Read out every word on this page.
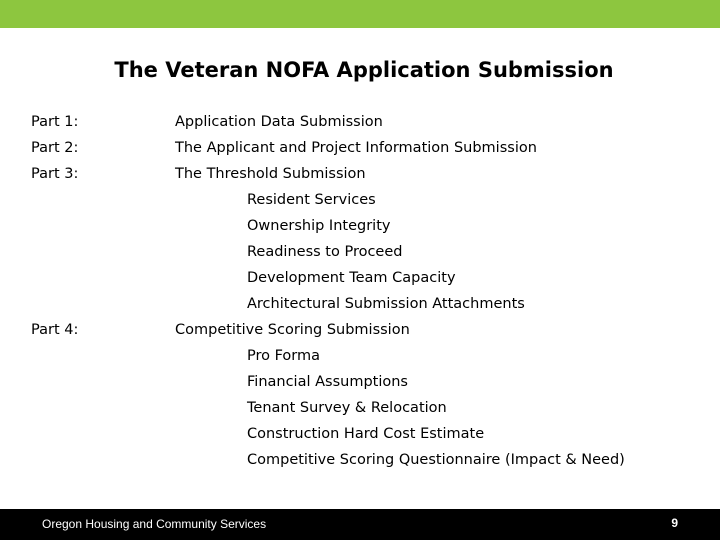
The Veteran NOFA Application Submission
Part 1:	Application Data Submission
Part 2:	The Applicant and Project Information Submission
Part 3:	The Threshold Submission
Resident Services
Ownership Integrity
Readiness to Proceed
Development Team Capacity
Architectural Submission Attachments
Part 4:	Competitive Scoring Submission
Pro Forma
Financial Assumptions
Tenant Survey & Relocation
Construction Hard Cost Estimate
Competitive Scoring Questionnaire (Impact & Need)
Oregon Housing and Community Services	9
